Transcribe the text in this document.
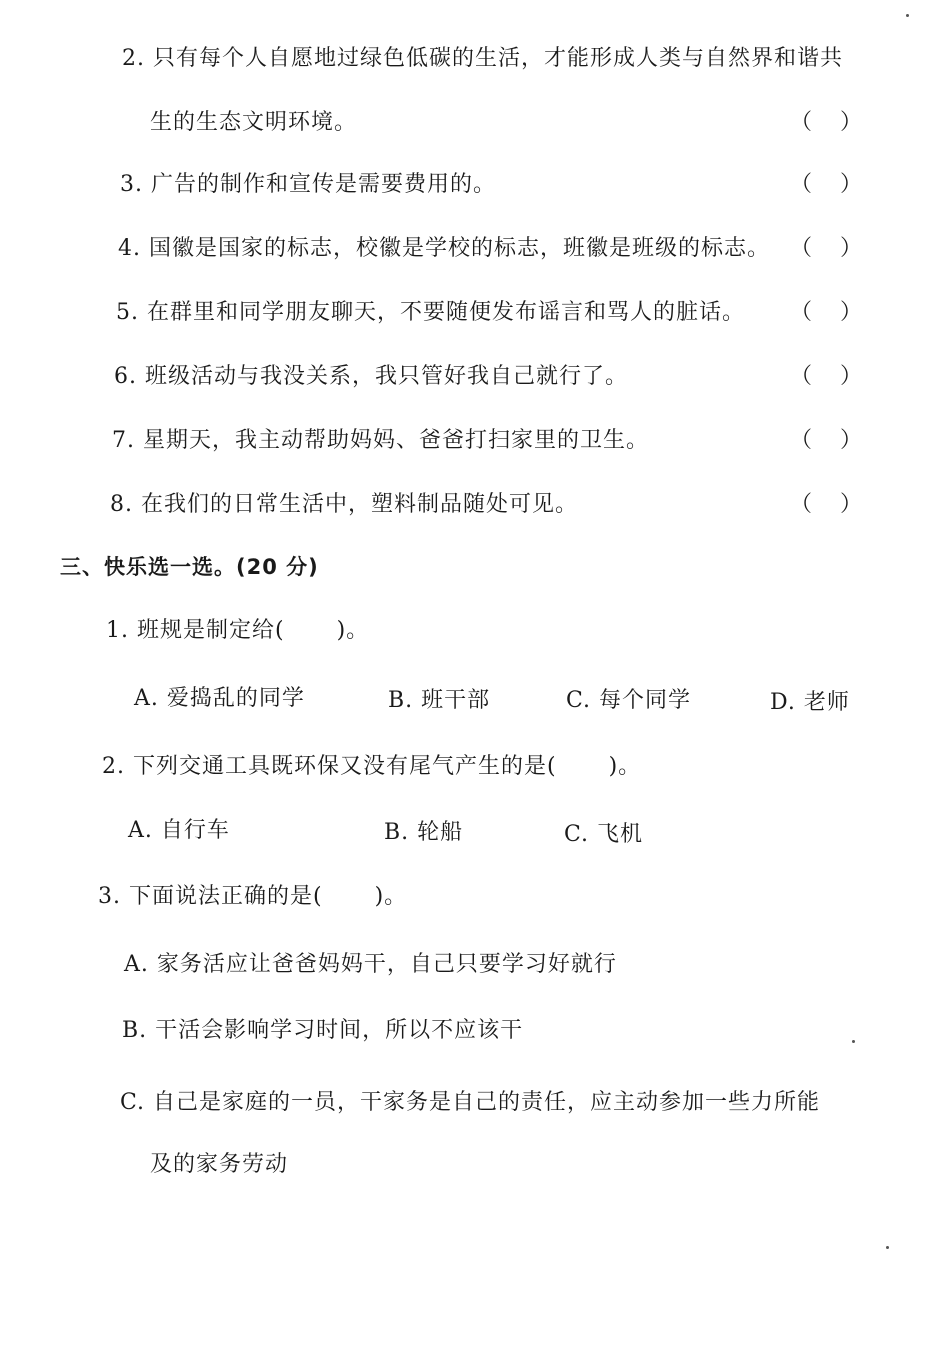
2. 只有每个人自愿地过绿色低碳的生活，才能形成人类与自然界和谐共
生的生态文明环境。	（ ）
3. 广告的制作和宣传是需要费用的。	（ ）
4. 国徽是国家的标志，校徽是学校的标志，班徽是班级的标志。 （ ）
5. 在群里和同学朋友聊天，不要随便发布谣言和骂人的脏话。 （ ）
6. 班级活动与我没关系，我只管好我自己就行了。	（ ）
7. 星期天，我主动帮助妈妈、爸爸打扫家里的卫生。	（ ）
8. 在我们的日常生活中，塑料制品随处可见。	（ ）
三、快乐选一选。(20 分)
1. 班规是制定给( )。
A. 爱捣乱的同学	B. 班干部	C. 每个同学	D. 老师
2. 下列交通工具既环保又没有尾气产生的是( )。
A. 自行车	B. 轮船	C. 飞机
3. 下面说法正确的是( )。
A. 家务活应让爸爸妈妈干，自己只要学习好就行
B. 干活会影响学习时间，所以不应该干
C. 自己是家庭的一员，干家务是自己的责任，应主动参加一些力所能
及的家务劳动
